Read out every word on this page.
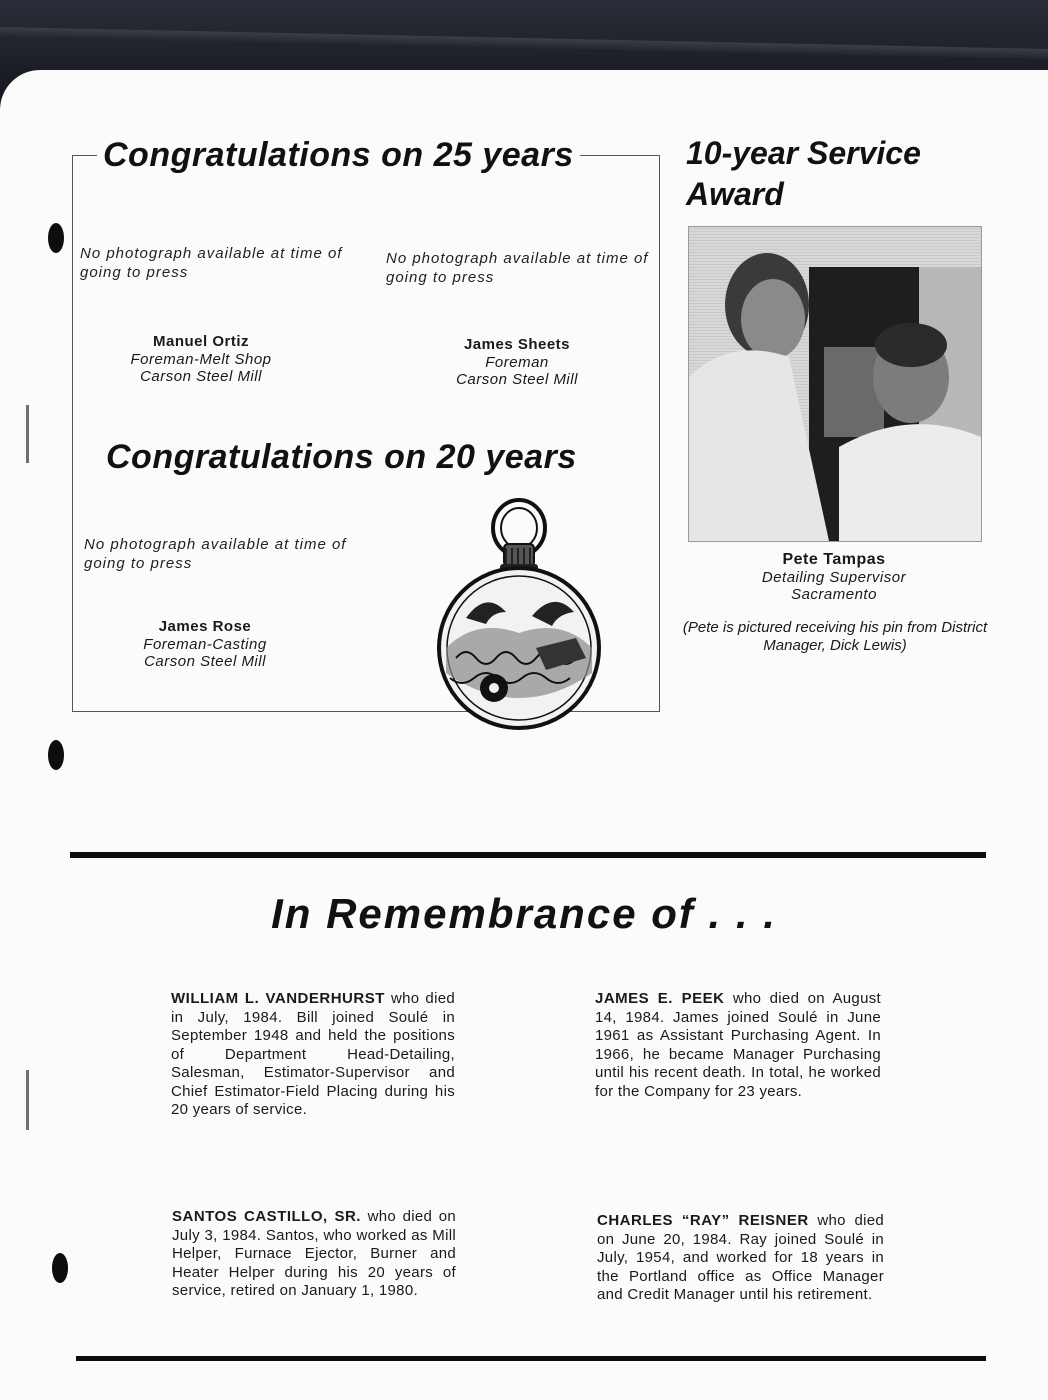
Congratulations on 25 years
No photograph available at time of going to press
No photograph available at time of going to press
Manuel Ortiz
Foreman-Melt Shop
Carson Steel Mill
James Sheets
Foreman
Carson Steel Mill
Congratulations on 20 years
No photograph available at time of going to press
James Rose
Foreman-Casting
Carson Steel Mill
10-year Service Award
Pete Tampas
Detailing Supervisor
Sacramento
(Pete is pictured receiving his pin from District Manager, Dick Lewis)
In Remembrance of . . .
WILLIAM L. VANDERHURST who died in July, 1984. Bill joined Soulé in September 1948 and held the positions of Department Head-Detailing, Salesman, Estimator-Supervisor and Chief Estimator-Field Placing during his 20 years of service.
JAMES E. PEEK who died on August 14, 1984. James joined Soulé in June 1961 as Assistant Purchasing Agent. In 1966, he became Manager Purchasing until his recent death. In total, he worked for the Company for 23 years.
SANTOS CASTILLO, SR. who died on July 3, 1984. Santos, who worked as Mill Helper, Furnace Ejector, Burner and Heater Helper during his 20 years of service, retired on January 1, 1980.
CHARLES “RAY” REISNER who died on June 20, 1984. Ray joined Soulé in July, 1954, and worked for 18 years in the Portland office as Office Manager and Credit Manager until his retirement.
